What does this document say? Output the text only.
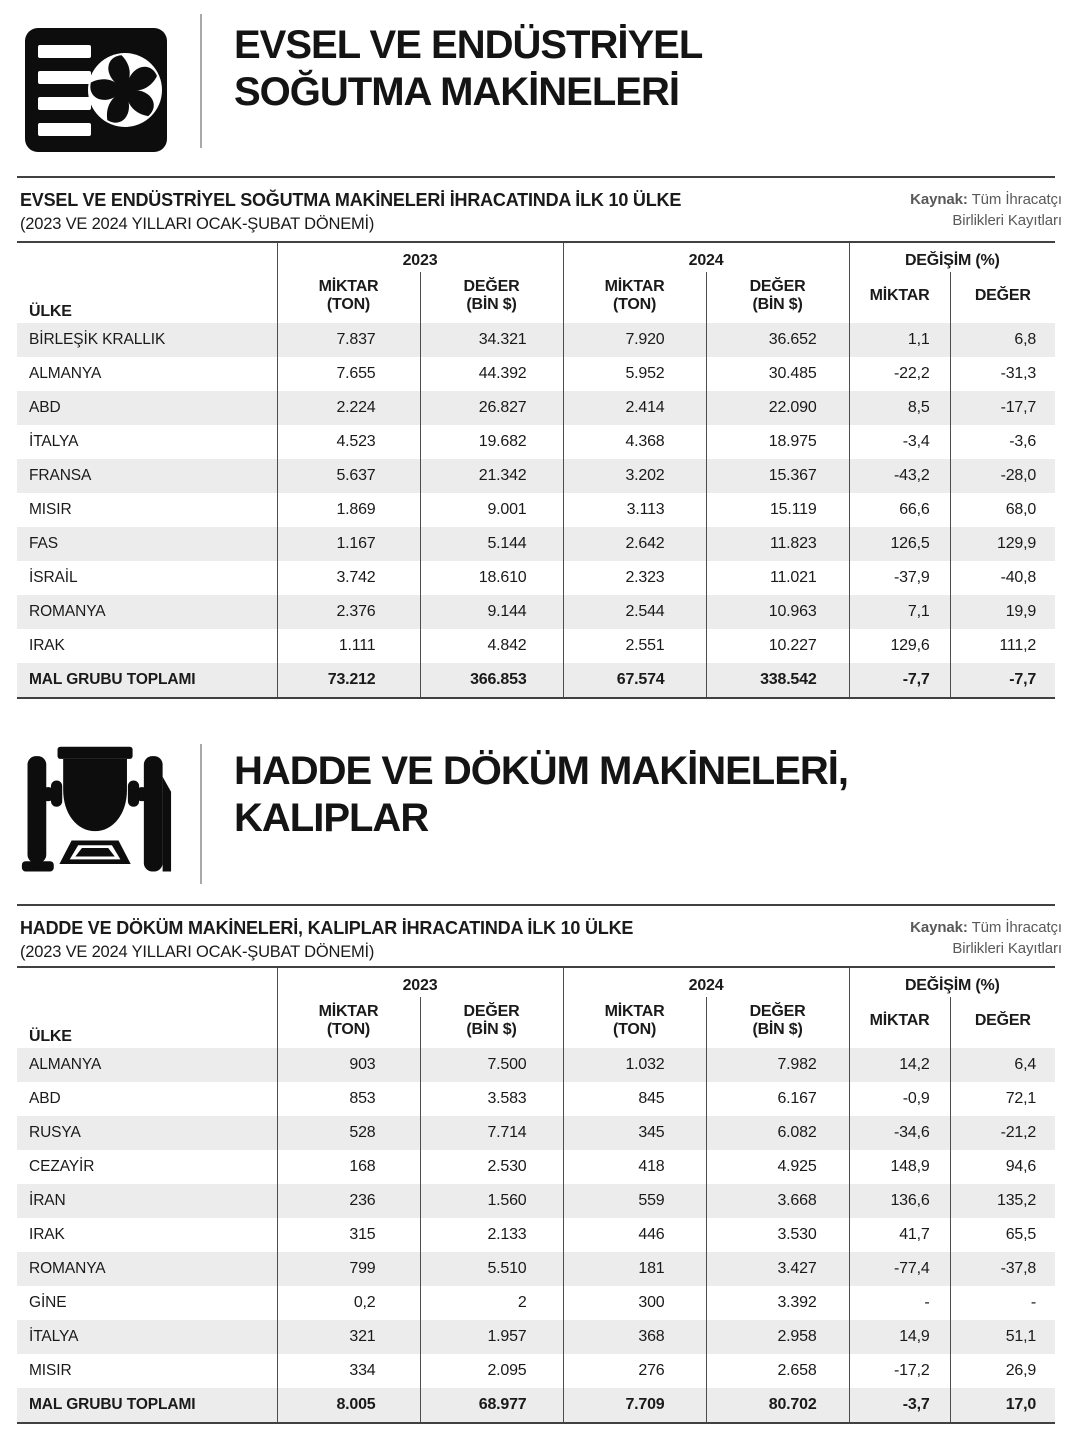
EVSEL VE ENDÜSTRİYEL
SOĞUTMA MAKİNELERİ
EVSEL VE ENDÜSTRİYEL SOĞUTMA MAKİNELERİ İHRACATINDA İLK 10 ÜLKE
(2023 VE 2024 YILLARI OCAK-ŞUBAT DÖNEMİ)
Kaynak: Tüm İhracatçı
Birlikleri Kayıtları
ÜLKE	2023		2024		DEĞİŞİM (%)	

	MİKTAR
(TON)	DEĞER
(BİN $)	MİKTAR
(TON)	DEĞER
(BİN $)	MİKTAR	DEĞER
BİRLEŞİK KRALLIK	7.837	34.321	7.920	36.652	1,1	6,8
ALMANYA	7.655	44.392	5.952	30.485	-22,2	-31,3
ABD	2.224	26.827	2.414	22.090	8,5	-17,7
İTALYA	4.523	19.682	4.368	18.975	-3,4	-3,6
FRANSA	5.637	21.342	3.202	15.367	-43,2	-28,0
MISIR	1.869	9.001	3.113	15.119	66,6	68,0
FAS	1.167	5.144	2.642	11.823	126,5	129,9
İSRAİL	3.742	18.610	2.323	11.021	-37,9	-40,8
ROMANYA	2.376	9.144	2.544	10.963	7,1	19,9
IRAK	1.111	4.842	2.551	10.227	129,6	111,2
MAL GRUBU TOPLAMI	73.212	366.853	67.574	338.542	-7,7	-7,7
HADDE VE DÖKÜM MAKİNELERİ,
KALIPLAR
HADDE VE DÖKÜM MAKİNELERİ, KALIPLAR İHRACATINDA İLK 10 ÜLKE
(2023 VE 2024 YILLARI OCAK-ŞUBAT DÖNEMİ)
Kaynak: Tüm İhracatçı
Birlikleri Kayıtları
ÜLKE	2023		2024		DEĞİŞİM (%)	

	MİKTAR
(TON)	DEĞER
(BİN $)	MİKTAR
(TON)	DEĞER
(BİN $)	MİKTAR	DEĞER
ALMANYA	903	7.500	1.032	7.982	14,2	6,4
ABD	853	3.583	845	6.167	-0,9	72,1
RUSYA	528	7.714	345	6.082	-34,6	-21,2
CEZAYİR	168	2.530	418	4.925	148,9	94,6
İRAN	236	1.560	559	3.668	136,6	135,2
IRAK	315	2.133	446	3.530	41,7	65,5
ROMANYA	799	5.510	181	3.427	-77,4	-37,8
GİNE	0,2	2	300	3.392	-	-
İTALYA	321	1.957	368	2.958	14,9	51,1
MISIR	334	2.095	276	2.658	-17,2	26,9
MAL GRUBU TOPLAMI	8.005	68.977	7.709	80.702	-3,7	17,0
